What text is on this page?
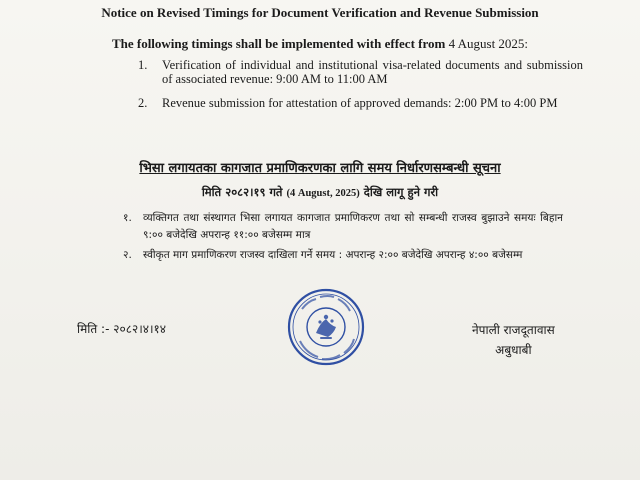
Notice on Revised Timings for Document Verification and Revenue Submission
The following timings shall be implemented with effect from 4 August 2025:
1.	Verification of individual and institutional visa-related documents and submission of associated revenue: 9:00 AM to 11:00 AM
2.	Revenue submission for attestation of approved demands: 2:00 PM to 4:00 PM
भिसा लगायतका कागजात प्रमाणिकरणका लागि समय निर्धारणसम्बन्धी सूचना
मिति २०८२।१९ गते (4 August, 2025) देखि लागू हुने गरी
१.	व्यक्तिगत तथा संस्थागत भिसा लगायत कागजात प्रमाणिकरण तथा सो सम्बन्धी राजस्व बुझाउने समयः बिहान ९:०० बजेदेखि अपरान्ह ११:०० बजेसम्म मात्र
२.	स्वीकृत माग प्रमाणिकरण राजस्व दाखिला गर्ने समय : अपरान्ह २:०० बजेदेखि अपरान्ह ४:०० बजेसम्म
मिति :- २०८२।४।१४	नेपाली राजदूतावास
अबुधाबी
